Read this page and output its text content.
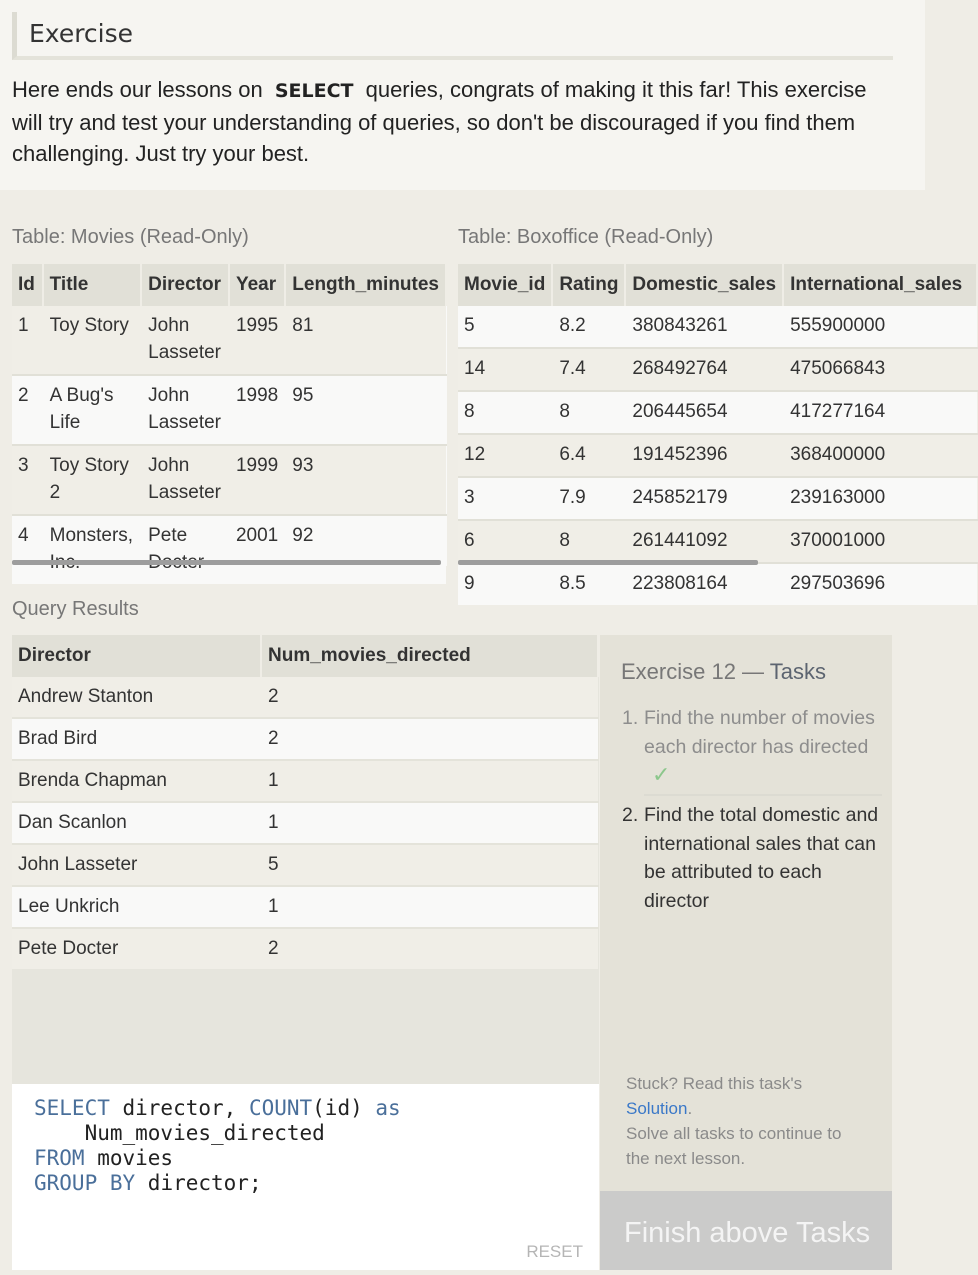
Exercise

Here ends our lessons on SELECT queries, congrats of making it this far! This exercise will try and test your understanding of queries, so don't be discouraged if you find them challenging. Just try your best.

Table: Movies (Read-Only)
Id	Title	Director	Year	Length_minutes
1	Toy Story	John Lasseter	1995	81
2	A Bug's Life	John Lasseter	1998	95
3	Toy Story 2	John Lasseter	1999	93
4	Monsters,	Pete	2001	92
Table: Boxoffice (Read-Only)
Movie_id	Rating	Domestic_sales	International_sales
5	8.2	380843261	555900000
14	7.4	268492764	475066843
8	8	206445654	417277164
12	6.4	191452396	368400000
3	7.9	245852179	239163000
6	8	261441092	370001000
9	8.5	223808164	297503696
Query Results
Director	Num_movies_directed
Andrew Stanton	2
Brad Bird	2
Brenda Chapman	1
Dan Scanlon	1
John Lasseter	5
Lee Unkrich	1
Pete Docter	2
SELECT director, COUNT(id) as
Num_movies_directed
FROM movies
GROUP BY director;
RESET
Exercise 12 — Tasks
1. Find the number of movies each director has directed
✓
2. Find the total domestic and international sales that can be attributed to each director
Stuck? Read this task's
Solution.
Solve all tasks to continue to the next lesson.
Finish above Tasks
